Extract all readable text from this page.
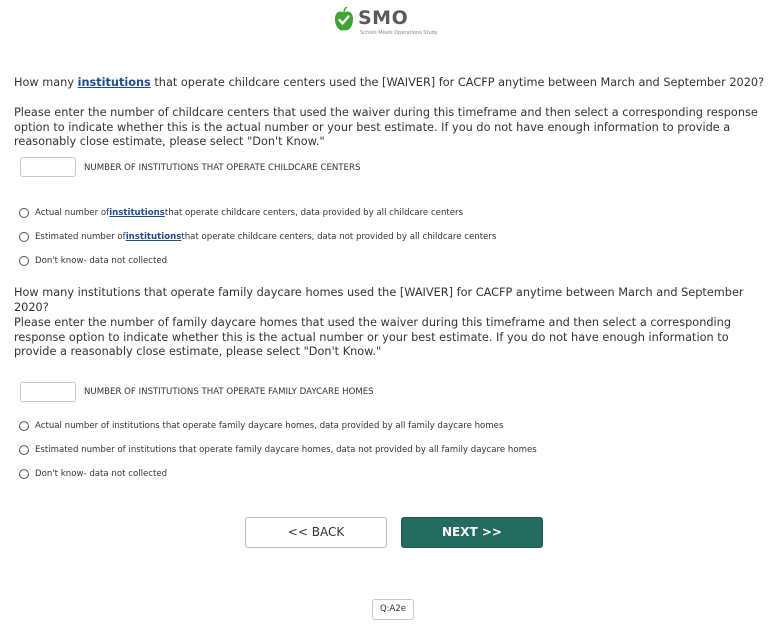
SMO
School Meals Operations Study
How many institutions that operate childcare centers used the [WAIVER] for CACFP anytime between March and September 2020?
Please enter the number of childcare centers that used the waiver during this timeframe and then select a corresponding response option to indicate whether this is the actual number or your best estimate. If you do not have enough information to provide a reasonably close estimate, please select "Don't Know."
NUMBER OF INSTITUTIONS THAT OPERATE CHILDCARE CENTERS
Actual number of institutions that operate childcare centers, data provided by all childcare centers
Estimated number of institutions that operate childcare centers, data not provided by all childcare centers
Don't know- data not collected
How many institutions that operate family daycare homes used the [WAIVER] for CACFP anytime between March and September 2020?
Please enter the number of family daycare homes that used the waiver during this timeframe and then select a corresponding response option to indicate whether this is the actual number or your best estimate. If you do not have enough information to provide a reasonably close estimate, please select "Don't Know."
NUMBER OF INSTITUTIONS THAT OPERATE FAMILY DAYCARE HOMES
Actual number of institutions that operate family daycare homes, data provided by all family daycare homes
Estimated number of institutions that operate family daycare homes, data not provided by all family daycare homes
Don't know- data not collected
<< BACK	NEXT >>
Q:A2e
